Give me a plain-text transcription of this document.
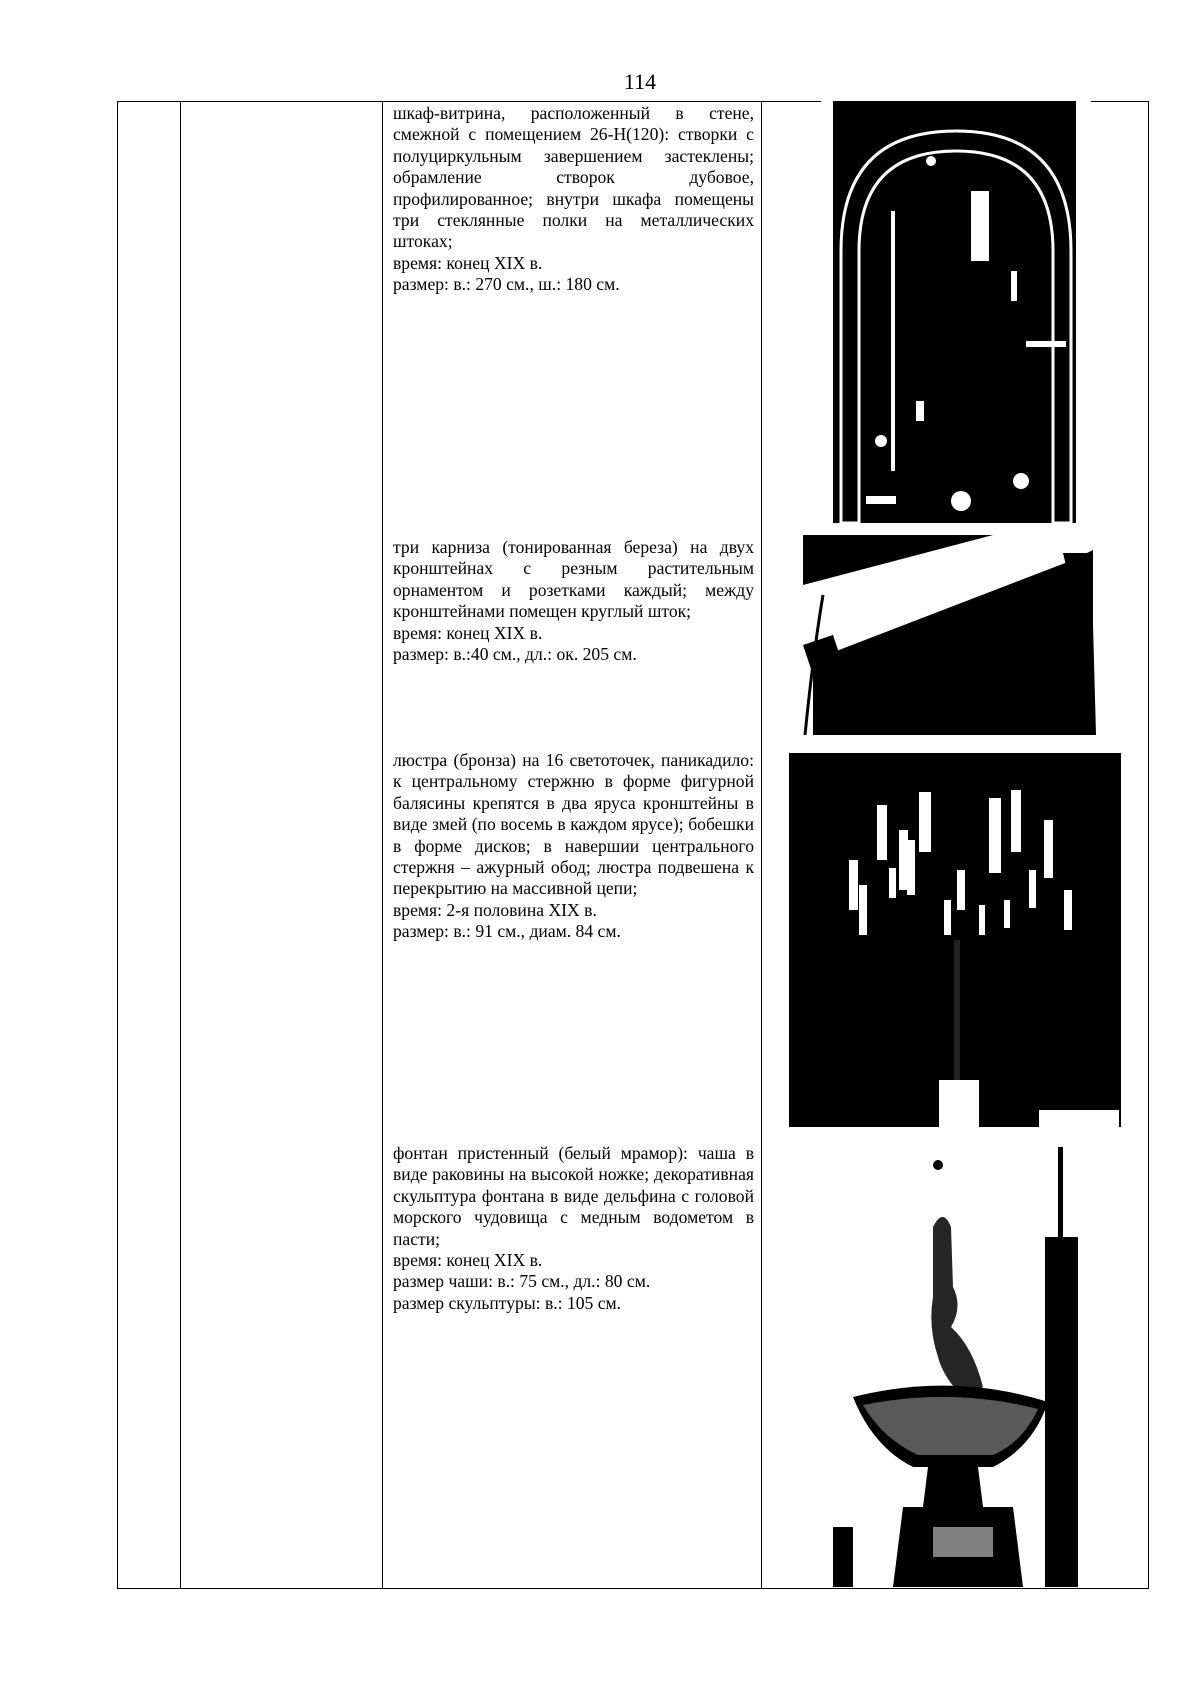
114

шкаф-витрина, расположенный в стене, смежной с помещением 26-Н(120): створки с полуциркульным завершением застеклены; обрамление створок дубовое, профилированное; внутри шкафа помещены три стеклянные полки на металлических штоках;

время: конец XIX в.

размер: в.: 270 см., ш.: 180 см.

три карниза (тонированная береза) на двух кронштейнах с резным растительным орнаментом и розетками каждый; между кронштейнами помещен круглый шток;

время: конец XIX в.

размер: в.:40 см., дл.: ок. 205 см.

люстра (бронза) на 16 светоточек, паникадило: к центральному стержню в форме фигурной балясины крепятся в два яруса кронштейны в виде змей (по восемь в каждом ярусе); бобешки в форме дисков; в навершии центрального стержня – ажурный обод; люстра подвешена к перекрытию на массивной цепи;

время: 2-я половина XIX в.

размер: в.: 91 см., диам. 84 см.

фонтан пристенный (белый мрамор): чаша в виде раковины на высокой ножке; декоративная скульптура фонтана в виде дельфина с головой морского чудовища с медным водометом в пасти;

время: конец XIX в.

размер чаши: в.: 75 см., дл.: 80 см.

размер скульптуры: в.: 105 см.
